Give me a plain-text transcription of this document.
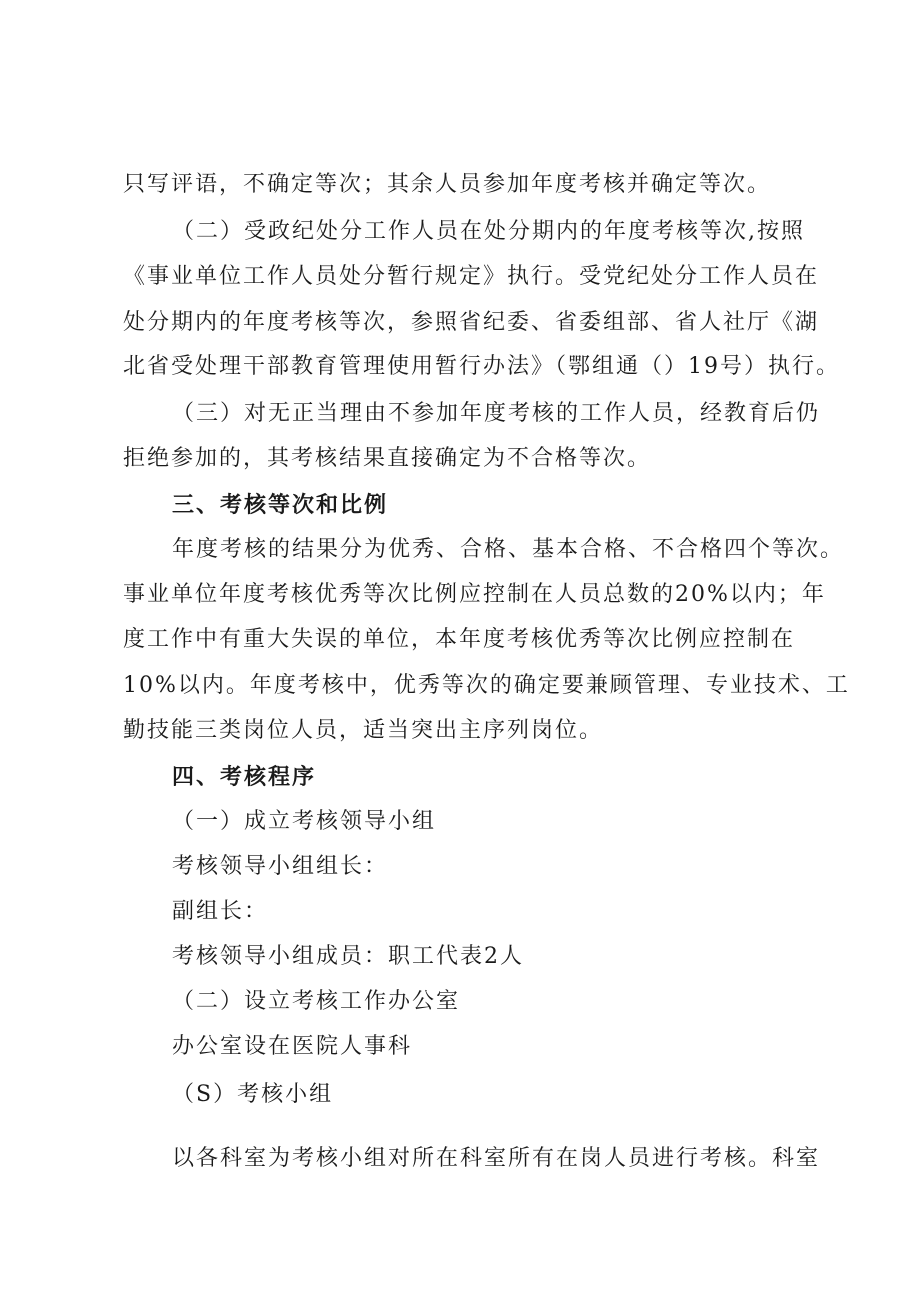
只写评语，不确定等次；其余人员参加年度考核并确定等次。
（二）受政纪处分工作人员在处分期内的年度考核等次,按照
《事业单位工作人员处分暂行规定》执行。受党纪处分工作人员在
处分期内的年度考核等次，参照省纪委、省委组部、省人社厅《湖
北省受处理干部教育管理使用暂行办法》（鄂组通（）19号）执行。
（三）对无正当理由不参加年度考核的工作人员，经教育后仍
拒绝参加的，其考核结果直接确定为不合格等次。
三、考核等次和比例
年度考核的结果分为优秀、合格、基本合格、不合格四个等次。
事业单位年度考核优秀等次比例应控制在人员总数的20%以内；年
度工作中有重大失误的单位，本年度考核优秀等次比例应控制在
10%以内。年度考核中，优秀等次的确定要兼顾管理、专业技术、工
勤技能三类岗位人员，适当突出主序列岗位。
四、考核程序
（一）成立考核领导小组
考核领导小组组长：
副组长：
考核领导小组成员：职工代表2人
（二）设立考核工作办公室
办公室设在医院人事科
（S）考核小组
以各科室为考核小组对所在科室所有在岗人员进行考核。科室
